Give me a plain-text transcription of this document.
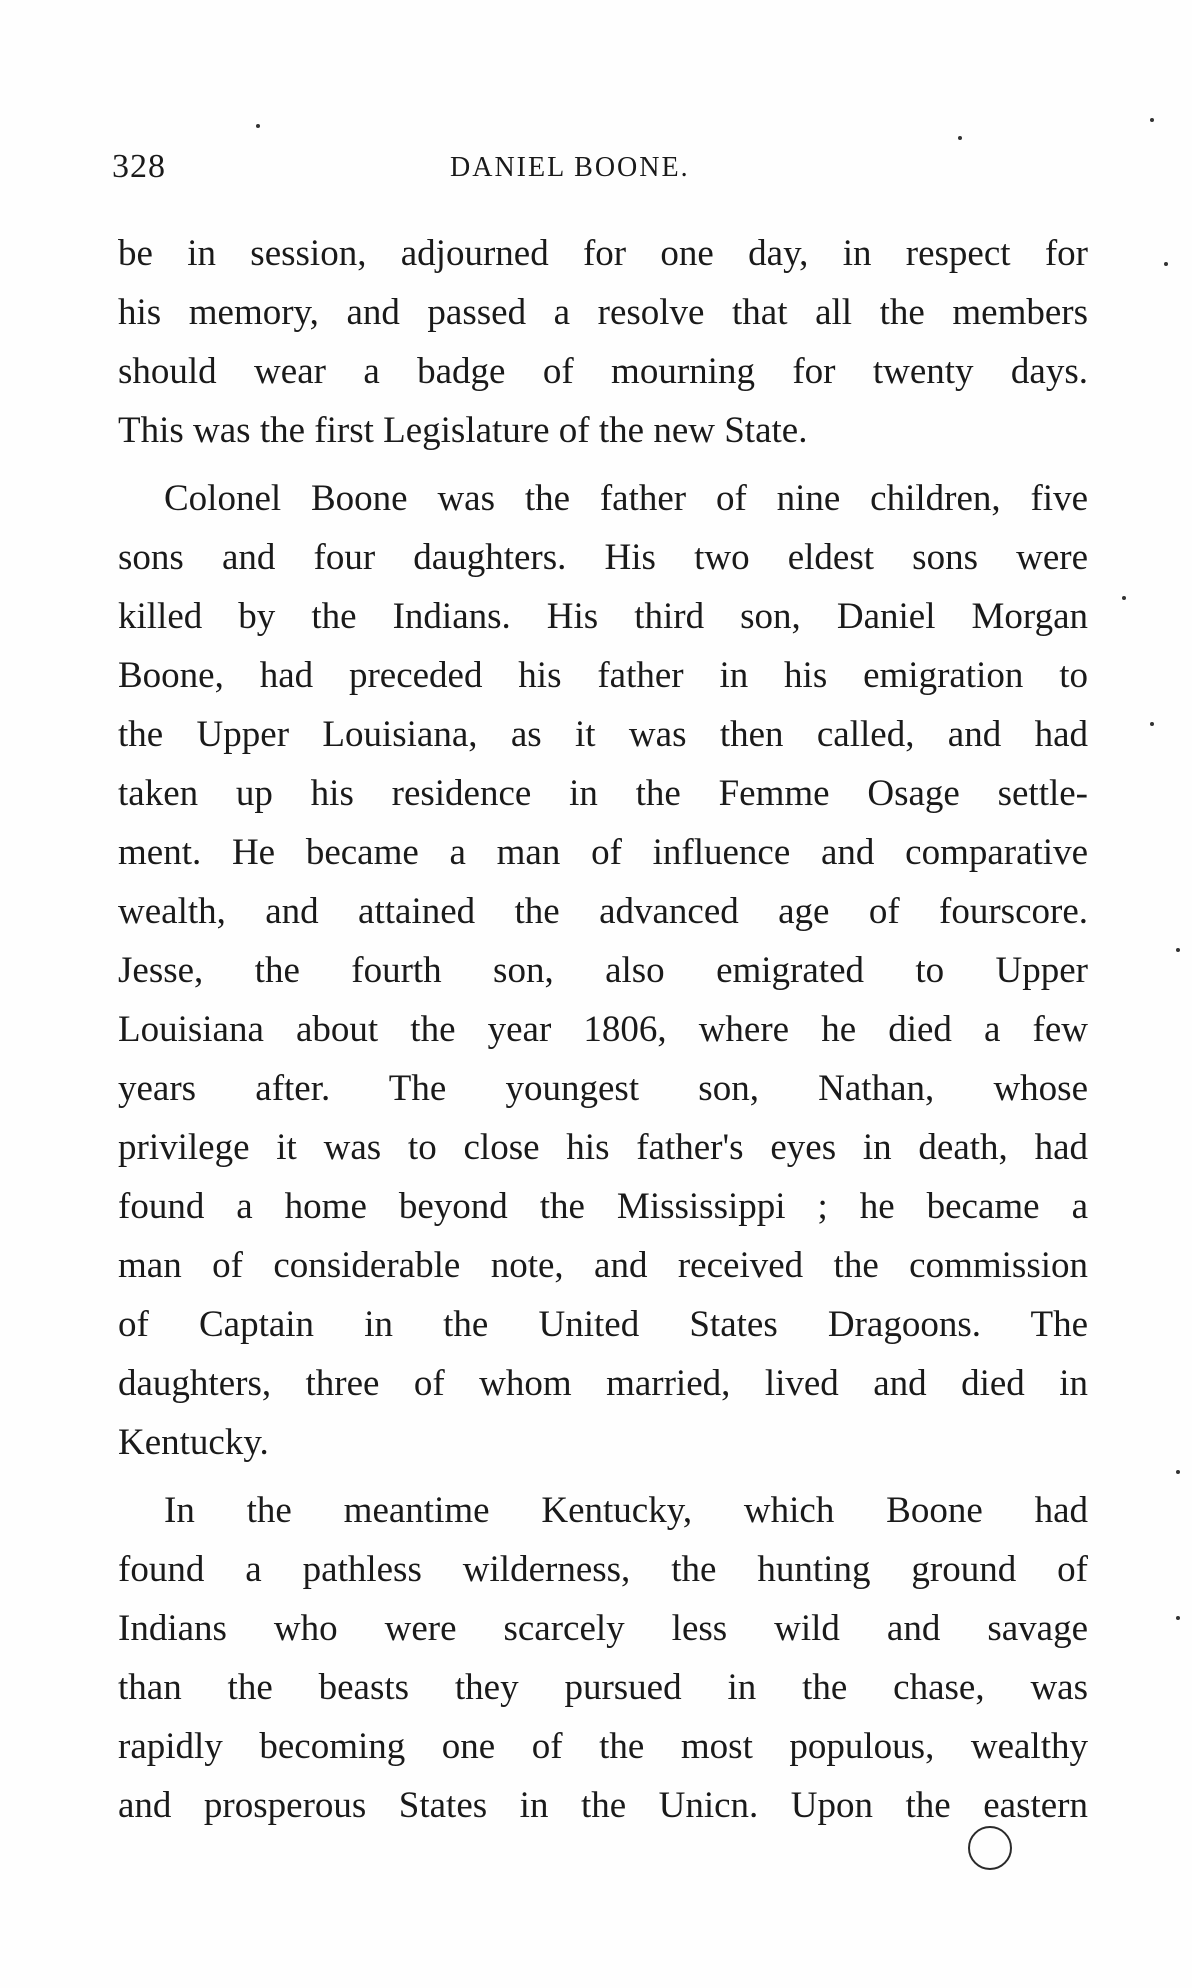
328	DANIEL BOONE.
be in session, adjourned for one day, in respect for
his memory, and passed a resolve that all the members
should wear a badge of mourning for twenty days.
This was the first Legislature of the new State.
Colonel Boone was the father of nine children, five
sons and four daughters. His two eldest sons were
killed by the Indians. His third son, Daniel Morgan
Boone, had preceded his father in his emigration to
the Upper Louisiana, as it was then called, and had
taken up his residence in the Femme Osage settle-
ment. He became a man of influence and comparative
wealth, and attained the advanced age of fourscore.
Jesse, the fourth son, also emigrated to Upper
Louisiana about the year 1806, where he died a few
years after. The youngest son, Nathan, whose
privilege it was to close his father's eyes in death, had
found a home beyond the Mississippi ; he became a
man of considerable note, and received the commission
of Captain in the United States Dragoons. The
daughters, three of whom married, lived and died in
Kentucky.
In the meantime Kentucky, which Boone had
found a pathless wilderness, the hunting ground of
Indians who were scarcely less wild and savage
than the beasts they pursued in the chase, was
rapidly becoming one of the most populous, wealthy
and prosperous States in the Unicn. Upon the eastern
